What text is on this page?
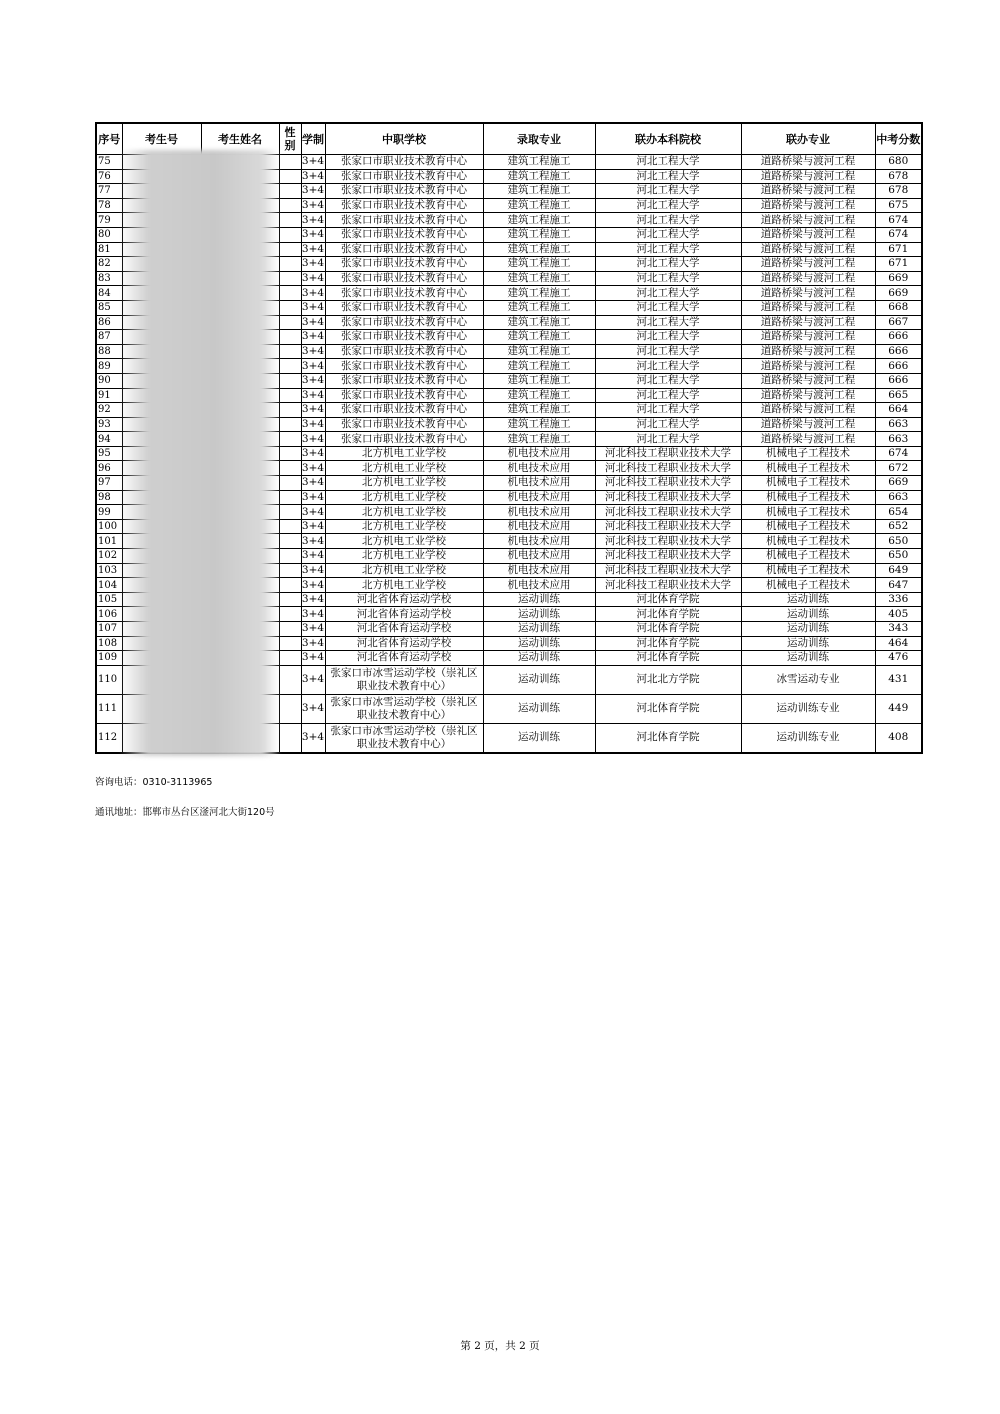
序号	考生号	考生姓名	性别	学制	中职学校	录取专业	联办本科院校	联办专业	中考分数
75				3+4	张家口市职业技术教育中心	建筑工程施工	河北工程大学	道路桥梁与渡河工程	680
76				3+4	张家口市职业技术教育中心	建筑工程施工	河北工程大学	道路桥梁与渡河工程	678
77				3+4	张家口市职业技术教育中心	建筑工程施工	河北工程大学	道路桥梁与渡河工程	678
78				3+4	张家口市职业技术教育中心	建筑工程施工	河北工程大学	道路桥梁与渡河工程	675
79				3+4	张家口市职业技术教育中心	建筑工程施工	河北工程大学	道路桥梁与渡河工程	674
80				3+4	张家口市职业技术教育中心	建筑工程施工	河北工程大学	道路桥梁与渡河工程	674
81				3+4	张家口市职业技术教育中心	建筑工程施工	河北工程大学	道路桥梁与渡河工程	671
82				3+4	张家口市职业技术教育中心	建筑工程施工	河北工程大学	道路桥梁与渡河工程	671
83				3+4	张家口市职业技术教育中心	建筑工程施工	河北工程大学	道路桥梁与渡河工程	669
84				3+4	张家口市职业技术教育中心	建筑工程施工	河北工程大学	道路桥梁与渡河工程	669
85				3+4	张家口市职业技术教育中心	建筑工程施工	河北工程大学	道路桥梁与渡河工程	668
86				3+4	张家口市职业技术教育中心	建筑工程施工	河北工程大学	道路桥梁与渡河工程	667
87				3+4	张家口市职业技术教育中心	建筑工程施工	河北工程大学	道路桥梁与渡河工程	666
88				3+4	张家口市职业技术教育中心	建筑工程施工	河北工程大学	道路桥梁与渡河工程	666
89				3+4	张家口市职业技术教育中心	建筑工程施工	河北工程大学	道路桥梁与渡河工程	666
90				3+4	张家口市职业技术教育中心	建筑工程施工	河北工程大学	道路桥梁与渡河工程	666
91				3+4	张家口市职业技术教育中心	建筑工程施工	河北工程大学	道路桥梁与渡河工程	665
92				3+4	张家口市职业技术教育中心	建筑工程施工	河北工程大学	道路桥梁与渡河工程	664
93				3+4	张家口市职业技术教育中心	建筑工程施工	河北工程大学	道路桥梁与渡河工程	663
94				3+4	张家口市职业技术教育中心	建筑工程施工	河北工程大学	道路桥梁与渡河工程	663
95				3+4	北方机电工业学校	机电技术应用	河北科技工程职业技术大学	机械电子工程技术	674
96				3+4	北方机电工业学校	机电技术应用	河北科技工程职业技术大学	机械电子工程技术	672
97				3+4	北方机电工业学校	机电技术应用	河北科技工程职业技术大学	机械电子工程技术	669
98				3+4	北方机电工业学校	机电技术应用	河北科技工程职业技术大学	机械电子工程技术	663
99				3+4	北方机电工业学校	机电技术应用	河北科技工程职业技术大学	机械电子工程技术	654
100				3+4	北方机电工业学校	机电技术应用	河北科技工程职业技术大学	机械电子工程技术	652
101				3+4	北方机电工业学校	机电技术应用	河北科技工程职业技术大学	机械电子工程技术	650
102				3+4	北方机电工业学校	机电技术应用	河北科技工程职业技术大学	机械电子工程技术	650
103				3+4	北方机电工业学校	机电技术应用	河北科技工程职业技术大学	机械电子工程技术	649
104				3+4	北方机电工业学校	机电技术应用	河北科技工程职业技术大学	机械电子工程技术	647
105				3+4	河北省体育运动学校	运动训练	河北体育学院	运动训练	336
106				3+4	河北省体育运动学校	运动训练	河北体育学院	运动训练	405
107				3+4	河北省体育运动学校	运动训练	河北体育学院	运动训练	343
108				3+4	河北省体育运动学校	运动训练	河北体育学院	运动训练	464
109				3+4	河北省体育运动学校	运动训练	河北体育学院	运动训练	476
110				3+4	张家口市冰雪运动学校（崇礼区职业技术教育中心）	运动训练	河北北方学院	冰雪运动专业	431
111				3+4	张家口市冰雪运动学校（崇礼区职业技术教育中心）	运动训练	河北体育学院	运动训练专业	449
112				3+4	张家口市冰雪运动学校（崇礼区职业技术教育中心）	运动训练	河北体育学院	运动训练专业	408
咨询电话：0310-3113965
通讯地址：邯郸市丛台区滏河北大街120号
第 2 页，共 2 页
